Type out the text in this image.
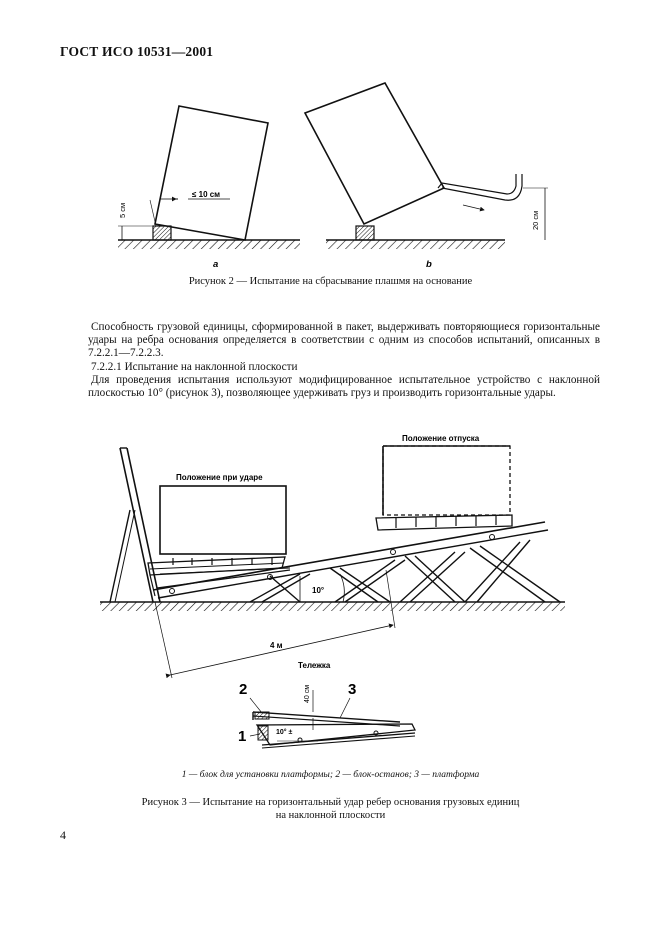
ГОСТ ИСО 10531—2001
5 см
≤ 10 см
a
20 см
b
Положение при ударе
Положение отпуска
10°
4 м
Тележка
40 см
10° ±
2	3
1
Рисунок 2 — Испытание на сбрасывание плашмя на основание

Способность грузовой единицы, сформированной в пакет, выдерживать повторяющиеся горизонтальные удары на ребра основания определяется в соответствии с одним из способов испытаний, описанных в 7.2.2.1—7.2.2.3.

7.2.2.1 Испытание на наклонной плоскости

Для проведения испытания используют модифицированное испытательное устройство с наклонной плоскостью 10° (рисунок 3), позволяющее удерживать груз и производить горизонтальные удары.

1 — блок для установки платформы; 2 — блок-останов; 3 — платформа
Рисунок 3 — Испытание на горизонтальный удар ребер основания грузовых единиц
на наклонной плоскости
4
